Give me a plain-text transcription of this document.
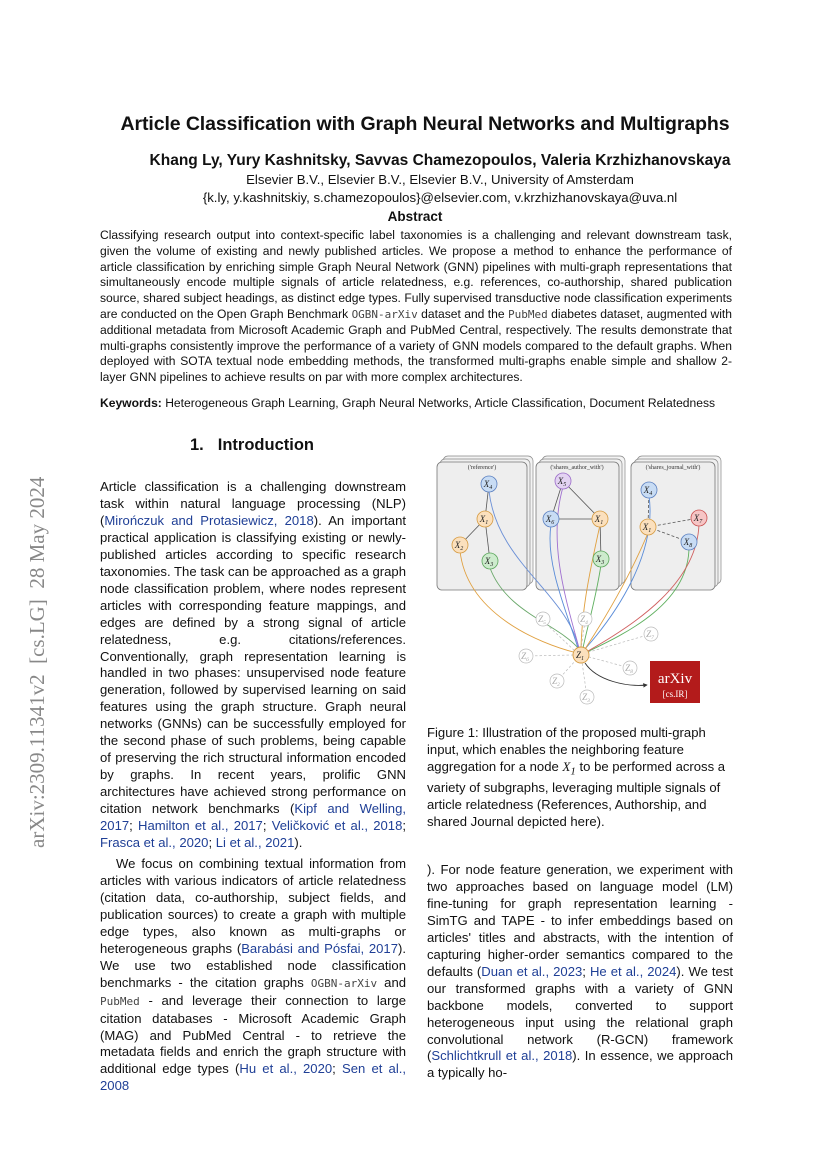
arXiv:2309.11341v2  [cs.LG]  28 May 2024
Article Classification with Graph Neural Networks and Multigraphs
Khang Ly, Yury Kashnitsky, Savvas Chamezopoulos, Valeria Krzhizhanovskaya
Elsevier B.V., Elsevier B.V., Elsevier B.V., University of Amsterdam
{k.ly, y.kashnitskiy, s.chamezopoulos}@elsevier.com, v.krzhizhanovskaya@uva.nl
Abstract
Classifying research output into context-specific label taxonomies is a challenging and relevant downstream task, given the volume of existing and newly published articles. We propose a method to enhance the performance of article classification by enriching simple Graph Neural Network (GNN) pipelines with multi-graph representations that simultaneously encode multiple signals of article relatedness, e.g. references, co-authorship, shared publication source, shared subject headings, as distinct edge types. Fully supervised transductive node classification experiments are conducted on the Open Graph Benchmark OGBN-arXiv dataset and the PubMed diabetes dataset, augmented with additional metadata from Microsoft Academic Graph and PubMed Central, respectively. The results demonstrate that multi-graphs consistently improve the performance of a variety of GNN models compared to the default graphs. When deployed with SOTA textual node embedding methods, the transformed multi-graphs enable simple and shallow 2-layer GNN pipelines to achieve results on par with more complex architectures.
Keywords: Heterogeneous Graph Learning, Graph Neural Networks, Article Classification, Document Relatedness
1. Introduction

Article classification is a challenging downstream task within natural language processing (NLP) (Mirończuk and Protasiewicz, 2018). An important practical application is classifying existing or newly-published articles according to specific research taxonomies. The task can be approached as a graph node classification problem, where nodes represent articles with corresponding feature mappings, and edges are defined by a strong signal of article relatedness, e.g. citations/references. Conventionally, graph representation learning is handled in two phases: unsupervised node feature generation, followed by supervised learning on said features using the graph structure. Graph neural networks (GNNs) can be successfully employed for the second phase of such problems, being capable of preserving the rich structural information encoded by graphs. In recent years, prolific GNN architectures have achieved strong performance on citation network benchmarks (Kipf and Welling, 2017; Hamilton et al., 2017; Veličković et al., 2018; Frasca et al., 2020; Li et al., 2021).

We focus on combining textual information from articles with various indicators of article relatedness (citation data, co-authorship, subject fields, and publication sources) to create a graph with multiple edge types, also known as multi-graphs or heterogeneous graphs (Barabási and Pósfai, 2017). We use two established node classification benchmarks - the citation graphs OGBN-arXiv and PubMed - and leverage their connection to large citation databases - Microsoft Academic Graph (MAG) and PubMed Central - to retrieve the metadata fields and enrich the graph structure with additional edge types (Hu et al., 2020; Sen et al., 2008

('reference')	('shares_author_with')	('shares_journal_with')
$X_4$
$X_1$
$X_2$
$X_3$
$X_5$
$X_6$	$X_1$
$X_3$
$X_4$
$X_1$
$X_7$
$X_8$
$Z_5$	$Z_4$
$Z_7$
$Z_6$	$Z_1$
$Z_8$
$Z_2$
$Z_3$
arXiv
[cs.IR]
Figure 1: Illustration of the proposed multi-graph input, which enables the neighboring feature aggregation for a node $X_1$ to be performed across a variety of subgraphs, leveraging multiple signals of article relatedness (References, Authorship, and shared Journal depicted here).

). For node feature generation, we experiment with two approaches based on language model (LM) fine-tuning for graph representation learning - SimTG and TAPE - to infer embeddings based on articles' titles and abstracts, with the intention of capturing higher-order semantics compared to the defaults (Duan et al., 2023; He et al., 2024). We test our transformed graphs with a variety of GNN backbone models, converted to support heterogeneous input using the relational graph convolutional network (R-GCN) framework (Schlichtkrull et al., 2018). In essence, we approach a typically ho-
